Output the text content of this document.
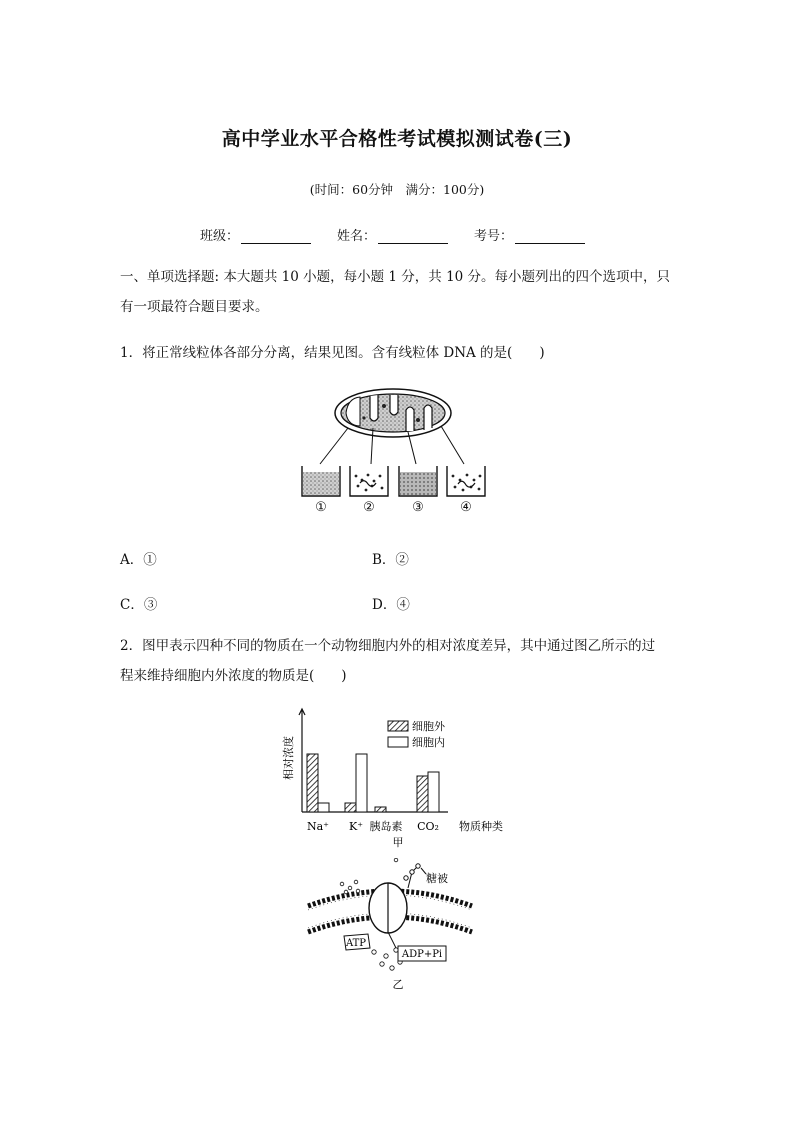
高中学业水平合格性考试模拟测试卷(三)
(时间：60分钟　满分：100分)
班级：	姓名：	考号：
一、单项选择题: 本大题共 10 小题，每小题 1 分，共 10 分。每小题列出的四个选项中，只
有一项最符合题目要求。
1．将正常线粒体各部分分离，结果见图。含有线粒体 DNA 的是(　　)
①	②	③	④
A．①	B．②
C．③	D．④
2．图甲表示四种不同的物质在一个动物细胞内外的相对浓度差异，其中通过图乙所示的过
程来维持细胞内外浓度的物质是(　　)
相对浓度
Na⁺ K⁺ 胰岛素 CO₂ 物质种类
甲
细胞外
细胞内
糖被
ATP
ADP+Pi
乙
